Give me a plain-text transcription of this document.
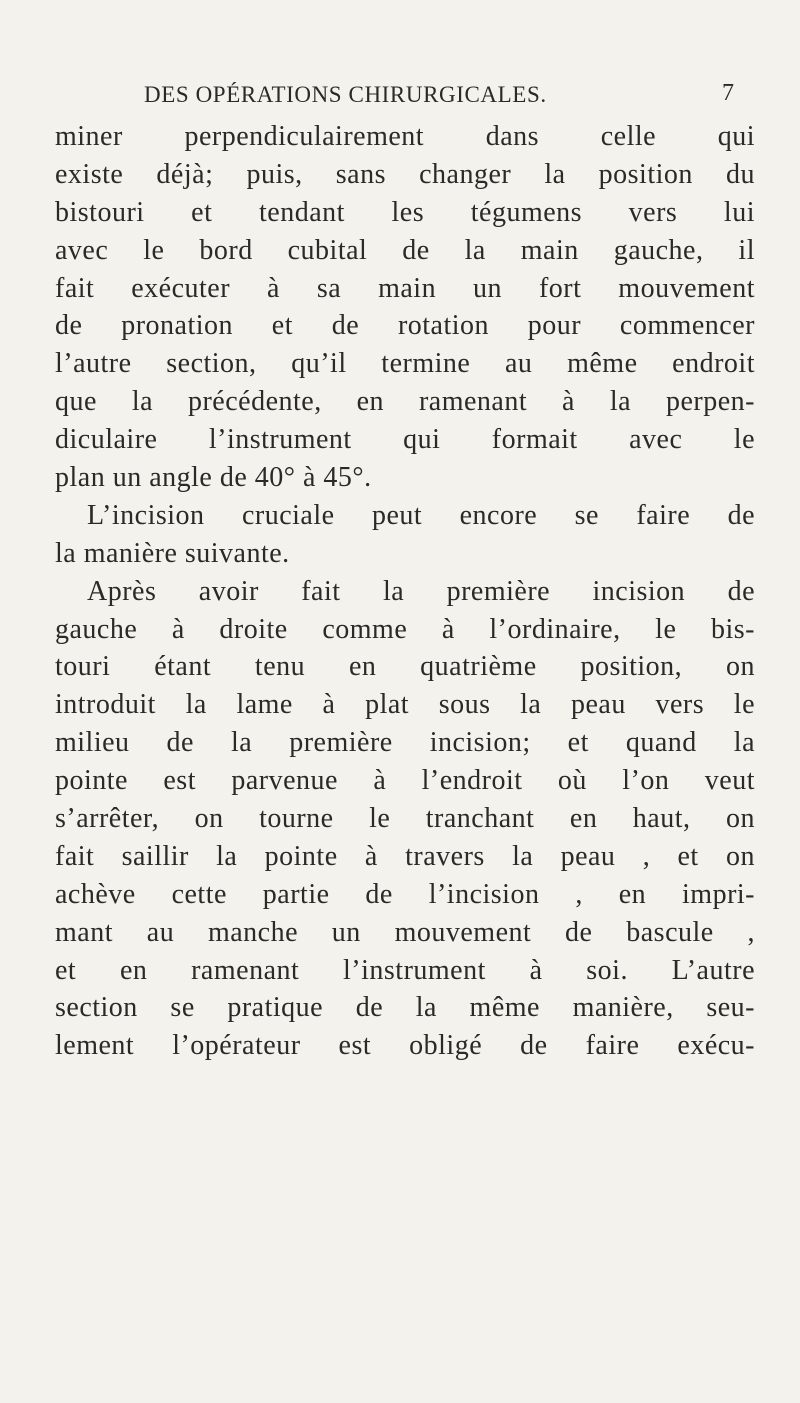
DES OPÉRATIONS CHIRURGICALES.	7
miner perpendiculairement dans celle qui
existe déjà; puis, sans changer la position du
bistouri et tendant les tégumens vers lui
avec le bord cubital de la main gauche, il
fait exécuter à sa main un fort mouvement
de pronation et de rotation pour commencer
l’autre section, qu’il termine au même endroit
que la précédente, en ramenant à la perpen-
diculaire l’instrument qui formait avec le
plan un angle de 40° à 45°.
L’incision cruciale peut encore se faire de
la manière suivante.
Après avoir fait la première incision de
gauche à droite comme à l’ordinaire, le bis-
touri étant tenu en quatrième position, on
introduit la lame à plat sous la peau vers le
milieu de la première incision; et quand la
pointe est parvenue à l’endroit où l’on veut
s’arrêter, on tourne le tranchant en haut, on
fait saillir la pointe à travers la peau , et on
achève cette partie de l’incision , en impri-
mant au manche un mouvement de bascule ,
et en ramenant l’instrument à soi. L’autre
section se pratique de la même manière, seu-
lement l’opérateur est obligé de faire exécu-
